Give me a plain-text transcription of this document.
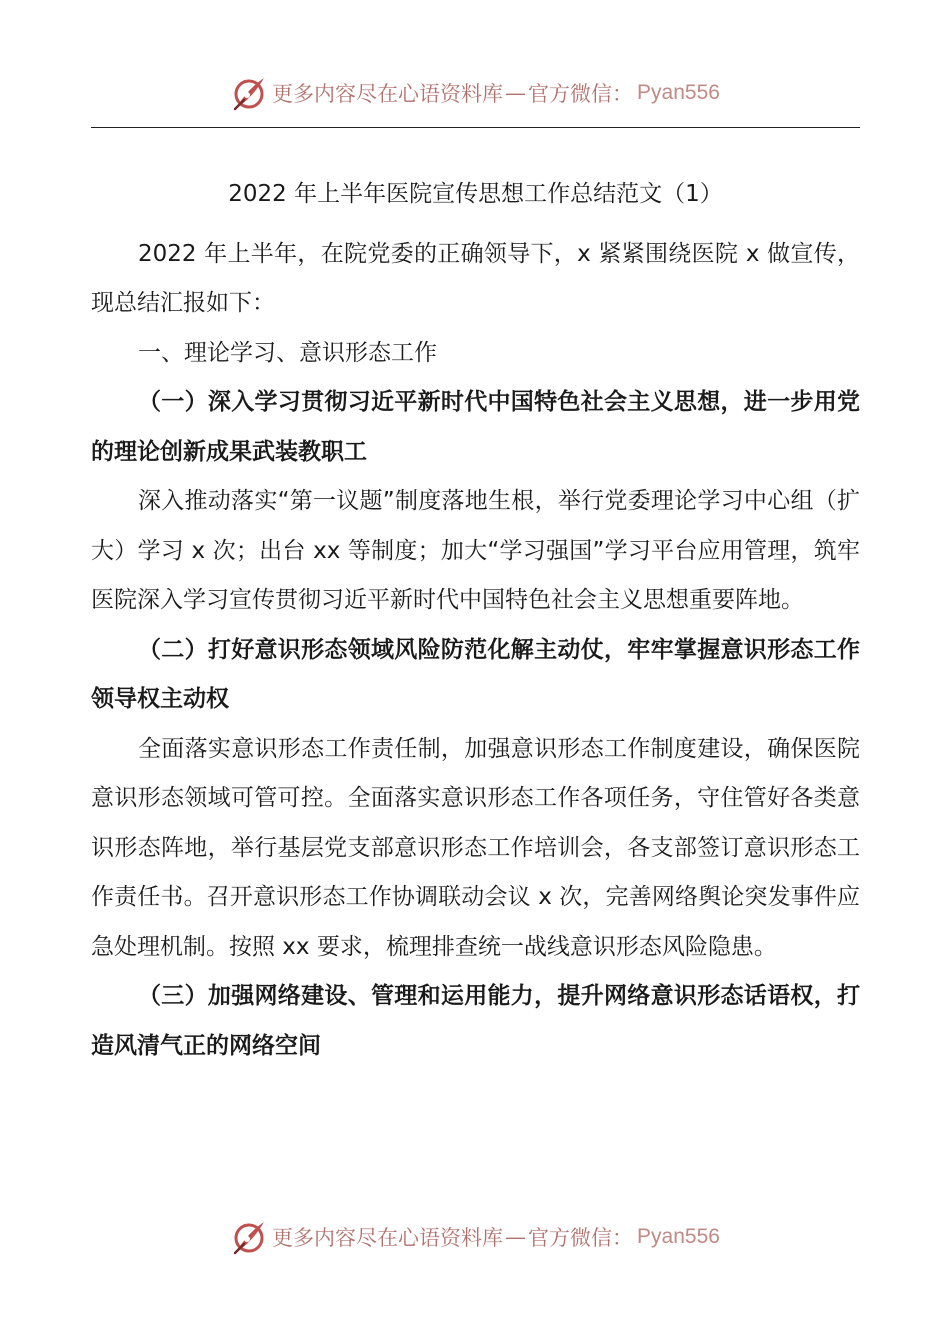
更多内容尽在心语资料库 — 官方微信： Pyan556

2022 年上半年医院宣传思想工作总结范文（1）

2022 年上半年，在院党委的正确领导下，x 紧紧围绕医院 x 做宣传，现总结汇报如下：

一、理论学习、意识形态工作

（一）深入学习贯彻习近平新时代中国特色社会主义思想，进一步用党的理论创新成果武装教职工

深入推动落实“第一议题”制度落地生根，举行党委理论学习中心组（扩大）学习 x 次；出台 xx 等制度；加大“学习强国”学习平台应用管理，筑牢医院深入学习宣传贯彻习近平新时代中国特色社会主义思想重要阵地。

（二）打好意识形态领域风险防范化解主动仗，牢牢掌握意识形态工作领导权主动权

全面落实意识形态工作责任制，加强意识形态工作制度建设，确保医院意识形态领域可管可控。全面落实意识形态工作各项任务，守住管好各类意识形态阵地，举行基层党支部意识形态工作培训会，各支部签订意识形态工作责任书。召开意识形态工作协调联动会议 x 次，完善网络舆论突发事件应急处理机制。按照 xx 要求，梳理排查统一战线意识形态风险隐患。

（三）加强网络建设、管理和运用能力，提升网络意识形态话语权，打造风清气正的网络空间

更多内容尽在心语资料库 — 官方微信： Pyan556
